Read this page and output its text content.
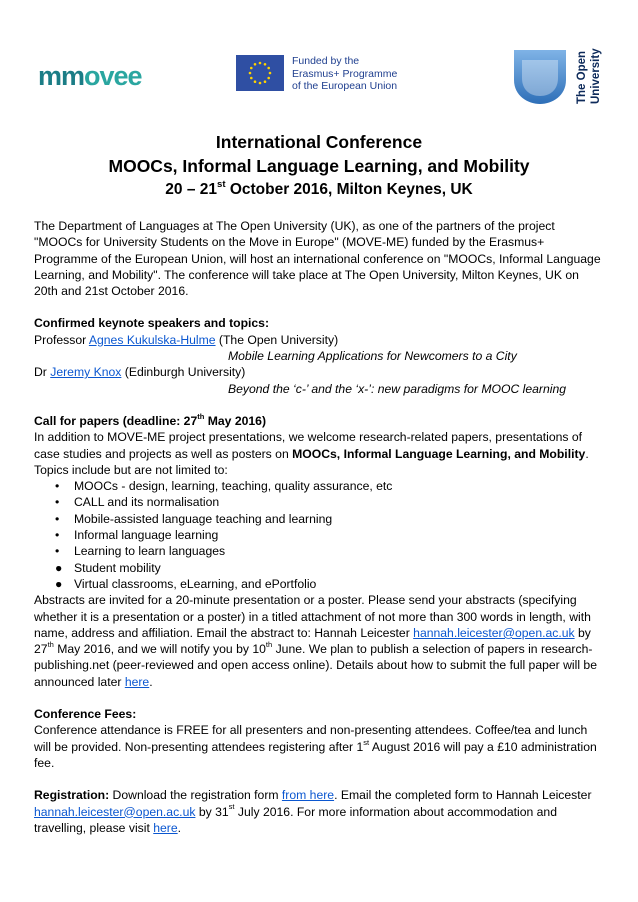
mmovee	Funded by the
Erasmus+ Programme
of the European Union	The Open University
International Conference
MOOCs, Informal Language Learning, and Mobility
20 – 21st October 2016, Milton Keynes, UK

The Department of Languages at The Open University (UK), as one of the partners of the project "MOOCs for University Students on the Move in Europe" (MOVE-ME) funded by the Erasmus+ Programme of the European Union, will host an international conference on "MOOCs, Informal Language Learning, and Mobility". The conference will take place at The Open University, Milton Keynes, UK on 20th and 21st October 2016.

Confirmed keynote speakers and topics:
Professor Agnes Kukulska-Hulme (The Open University)
Mobile Learning Applications for Newcomers to a City
Dr Jeremy Knox (Edinburgh University)
Beyond the ‘c-’ and the ‘x-’: new paradigms for MOOC learning
Call for papers (deadline: 27th May 2016)
In addition to MOVE-ME project presentations, we welcome research-related papers, presentations of case studies and projects as well as posters on MOOCs, Informal Language Learning, and Mobility. Topics include but are not limited to:
• MOOCs - design, learning, teaching, quality assurance, etc
• CALL and its normalisation
• Mobile-assisted language teaching and learning
• Informal language learning
• Learning to learn languages
● Student mobility
● Virtual classrooms, eLearning, and ePortfolio
Abstracts are invited for a 20-minute presentation or a poster. Please send your abstracts (specifying whether it is a presentation or a poster) in a titled attachment of not more than 300 words in length, with name, address and affiliation. Email the abstract to: Hannah Leicester hannah.leicester@open.ac.uk by 27th May 2016, and we will notify you by 10th June. We plan to publish a selection of papers in research-publishing.net (peer-reviewed and open access online). Details about how to submit the full paper will be announced later here.
Conference Fees:
Conference attendance is FREE for all presenters and non-presenting attendees. Coffee/tea and lunch will be provided. Non-presenting attendees registering after 1st August 2016 will pay a £10 administration fee.
Registration: Download the registration form from here. Email the completed form to Hannah Leicester hannah.leicester@open.ac.uk by 31st July 2016. For more information about accommodation and travelling, please visit here.
